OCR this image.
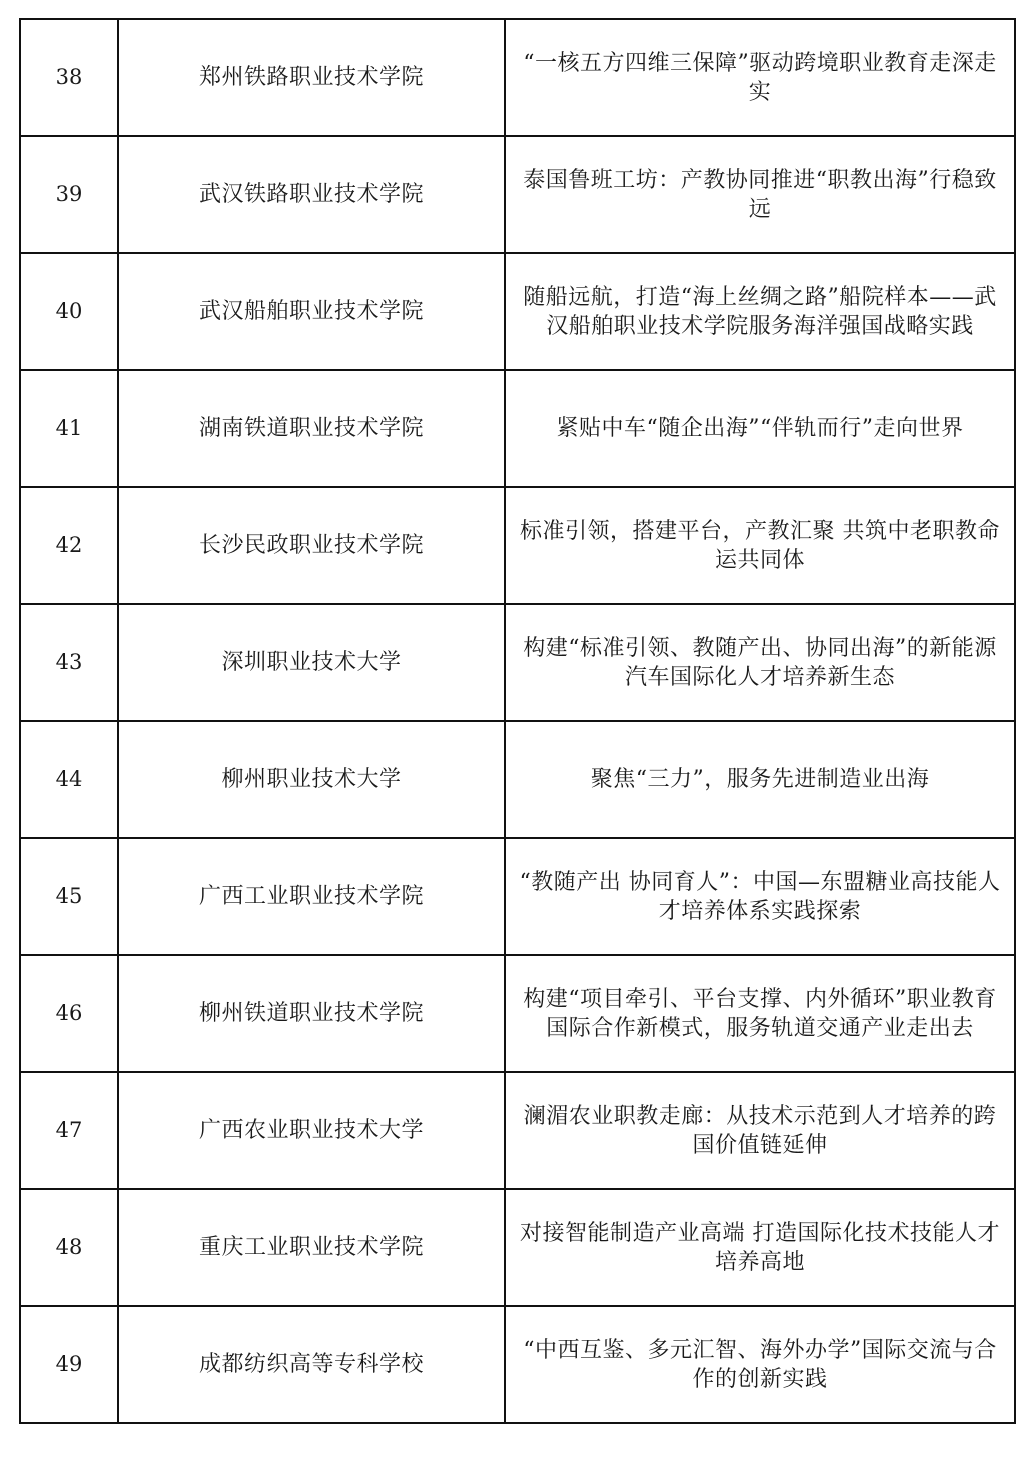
38	郑州铁路职业技术学院	“一核五方四维三保障”驱动跨境职业教育走深走实
39	武汉铁路职业技术学院	泰国鲁班工坊：产教协同推进“职教出海”行稳致远
40	武汉船舶职业技术学院	随船远航，打造“海上丝绸之路”船院样本——武汉船舶职业技术学院服务海洋强国战略实践
41	湖南铁道职业技术学院	紧贴中车“随企出海”“伴轨而行”走向世界
42	长沙民政职业技术学院	标准引领，搭建平台，产教汇聚 共筑中老职教命运共同体
43	深圳职业技术大学	构建“标准引领、教随产出、协同出海”的新能源汽车国际化人才培养新生态
44	柳州职业技术大学	聚焦“三力”，服务先进制造业出海
45	广西工业职业技术学院	“教随产出 协同育人”：中国—东盟糖业高技能人才培养体系实践探索
46	柳州铁道职业技术学院	构建“项目牵引、平台支撑、内外循环”职业教育国际合作新模式，服务轨道交通产业走出去
47	广西农业职业技术大学	澜湄农业职教走廊：从技术示范到人才培养的跨国价值链延伸
48	重庆工业职业技术学院	对接智能制造产业高端 打造国际化技术技能人才培养高地
49	成都纺织高等专科学校	“中西互鉴、多元汇智、海外办学”国际交流与合作的创新实践
